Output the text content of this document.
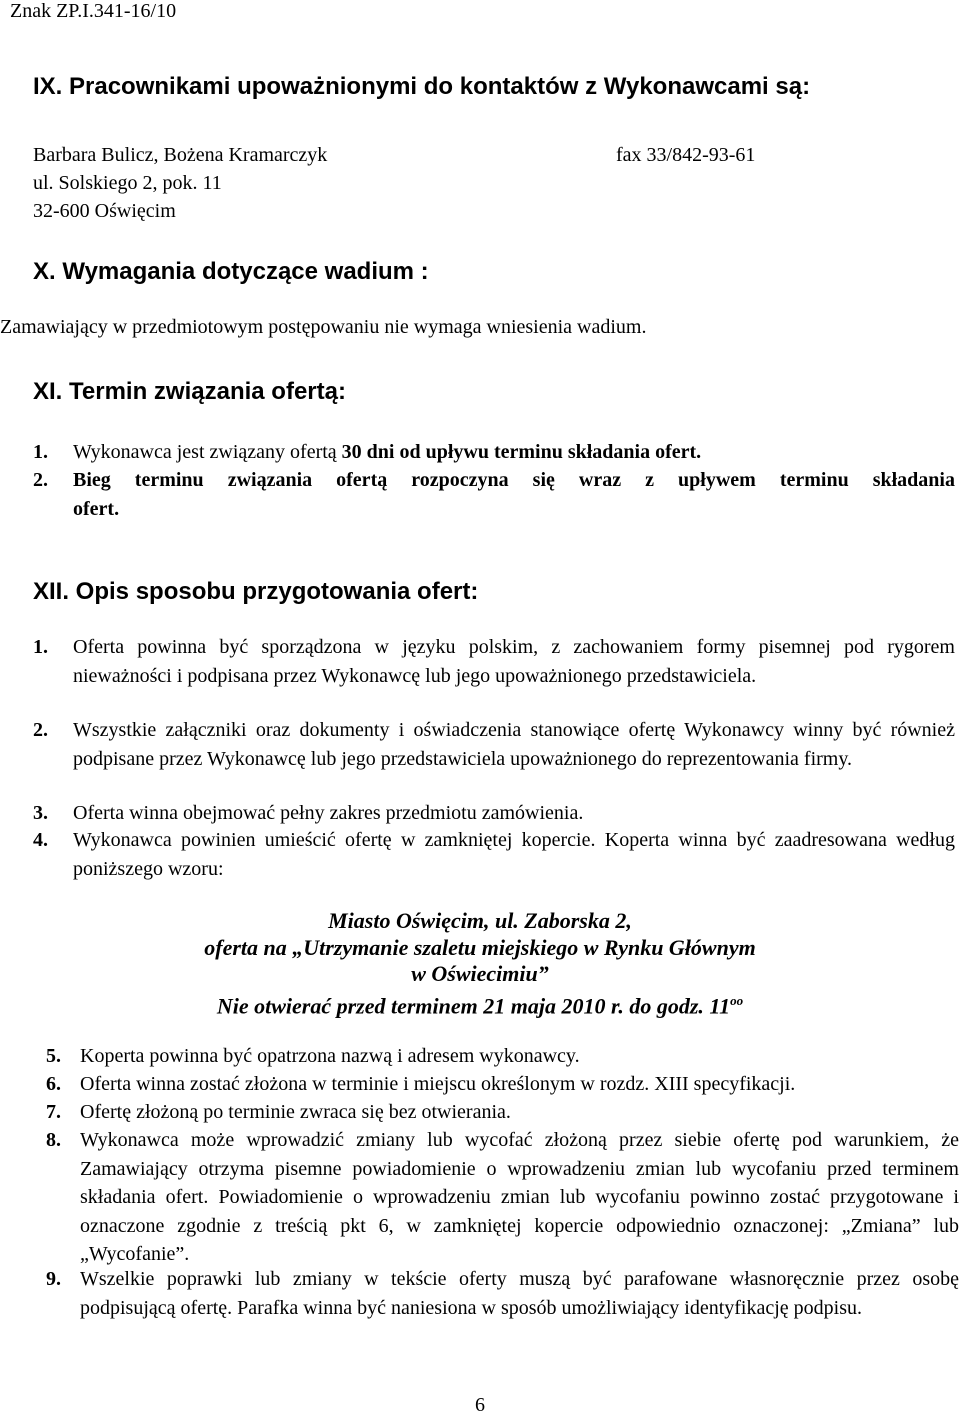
Znak ZP.I.341-16/10
IX. Pracownikami upoważnionymi do kontaktów z Wykonawcami są:
Barbara Bulicz, Bożena Kramarczyk	fax 33/842-93-61
ul. Solskiego 2, pok. 11
32-600 Oświęcim
X. Wymagania dotyczące wadium :
Zamawiający w przedmiotowym postępowaniu nie wymaga wniesienia wadium.
XI. Termin związania ofertą:
1. Wykonawca jest związany ofertą 30 dni od upływu terminu składania ofert.
2. Bieg terminu związania ofertą rozpoczyna się wraz z upływem terminu składania
ofert.
XII. Opis sposobu przygotowania ofert:
1. Oferta powinna być sporządzona w języku polskim, z zachowaniem formy pisemnej pod rygorem nieważności i podpisana przez Wykonawcę lub jego upoważnionego przedstawiciela.
2. Wszystkie załączniki oraz dokumenty i oświadczenia stanowiące ofertę Wykonawcy winny być również podpisane przez Wykonawcę lub jego przedstawiciela upoważnionego do reprezentowania firmy.
3. Oferta winna obejmować pełny zakres przedmiotu zamówienia.
4. Wykonawca powinien umieścić ofertę w zamkniętej kopercie. Koperta winna być zaadresowana według poniższego wzoru:
Miasto Oświęcim, ul. Zaborska 2,
oferta na „Utrzymanie szaletu miejskiego w Rynku Głównym
w Oświecimiu”
Nie otwierać przed terminem 21 maja 2010 r. do godz. $11^{oo}$
5. Koperta powinna być opatrzona nazwą i adresem wykonawcy.
6. Oferta winna zostać złożona w terminie i miejscu określonym w rozdz. XIII specyfikacji.
7. Ofertę złożoną po terminie zwraca się bez otwierania.
8. Wykonawca może wprowadzić zmiany lub wycofać złożoną przez siebie ofertę pod warunkiem, że Zamawiający otrzyma pisemne powiadomienie o wprowadzeniu zmian lub wycofaniu przed terminem składania ofert. Powiadomienie o wprowadzeniu zmian lub wycofaniu powinno zostać przygotowane i oznaczone zgodnie z treścią pkt 6, w zamkniętej kopercie odpowiednio oznaczonej: „Zmiana” lub „Wycofanie”.
9. Wszelkie poprawki lub zmiany w tekście oferty muszą być parafowane własnoręcznie przez osobę podpisującą ofertę. Parafka winna być naniesiona w sposób umożliwiający identyfikację podpisu.
6
